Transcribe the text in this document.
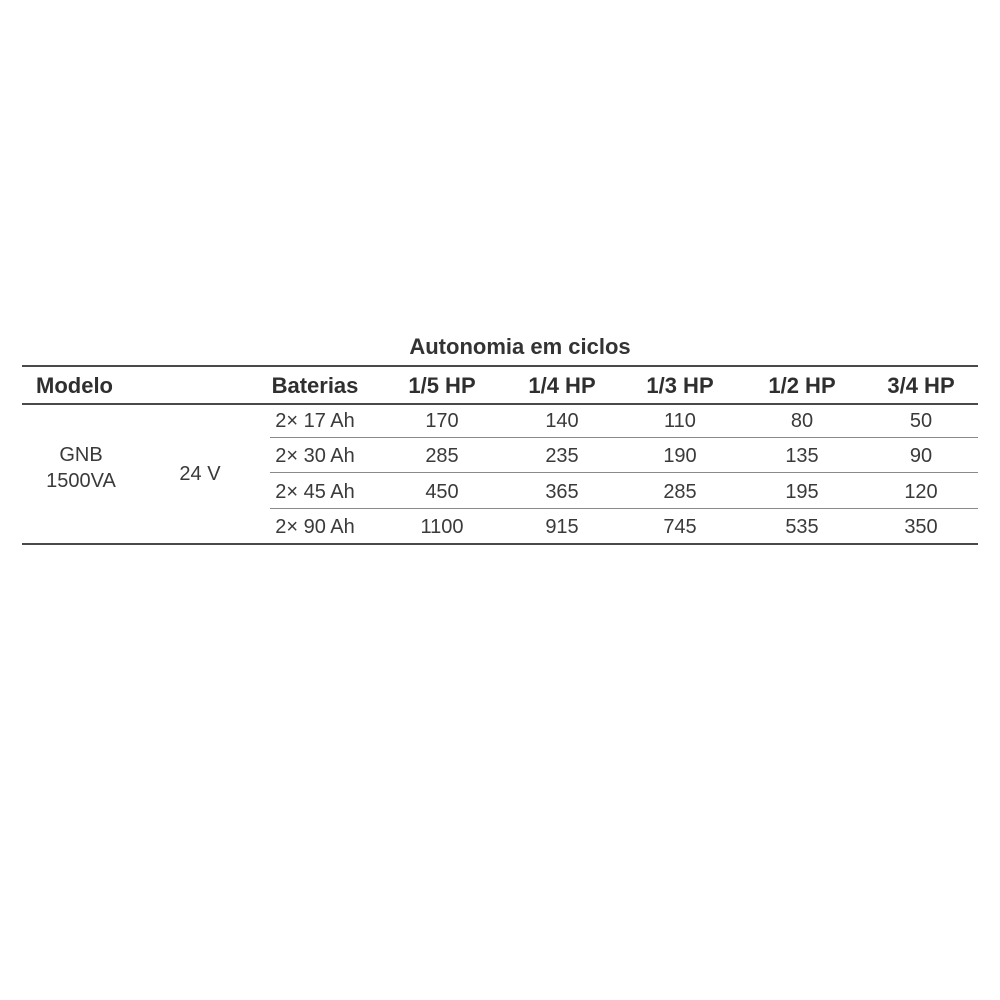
Autonomia em ciclos
Modelo	Baterias	1/5 HP	1/4 HP	1/3 HP	1/2 HP	3/4 HP
GNB
1500VA	24 V
2× 17 Ah	170	140	110	80	50
2× 30 Ah	285	235	190	135	90
2× 45 Ah	450	365	285	195	120
2× 90 Ah	1100	915	745	535	350
